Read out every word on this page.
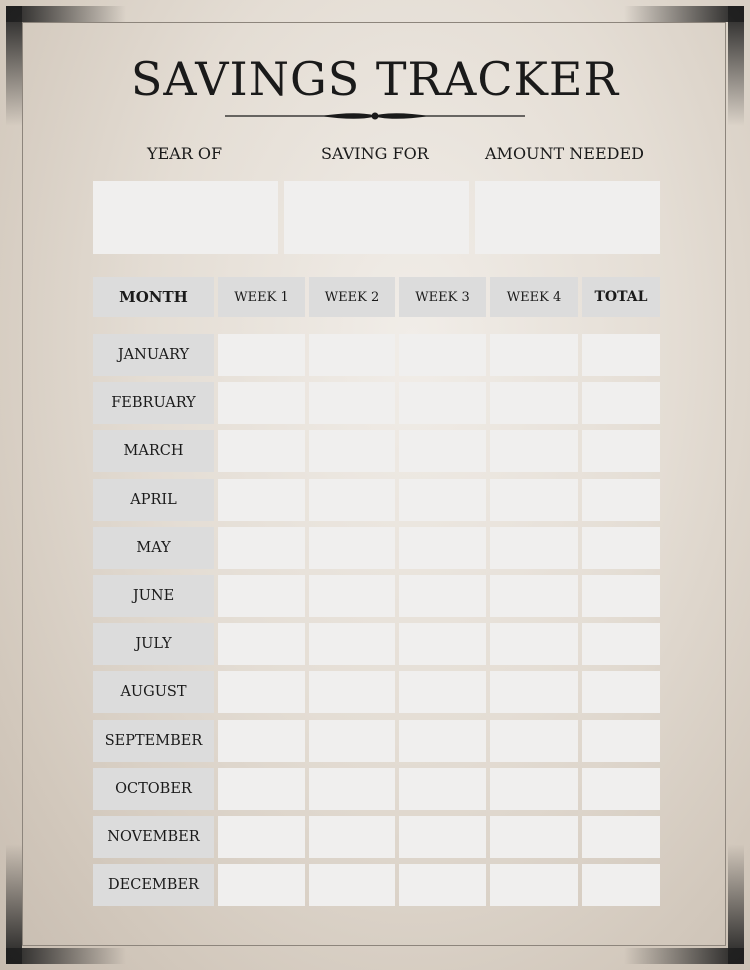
SAVINGS TRACKER
YEAR OF	SAVING FOR	AMOUNT NEEDED
MONTH	WEEK 1	WEEK 2	WEEK 3	WEEK 4	TOTAL
JANUARY
FEBRUARY
MARCH
APRIL
MAY
JUNE
JULY
AUGUST
SEPTEMBER
OCTOBER
NOVEMBER
DECEMBER
